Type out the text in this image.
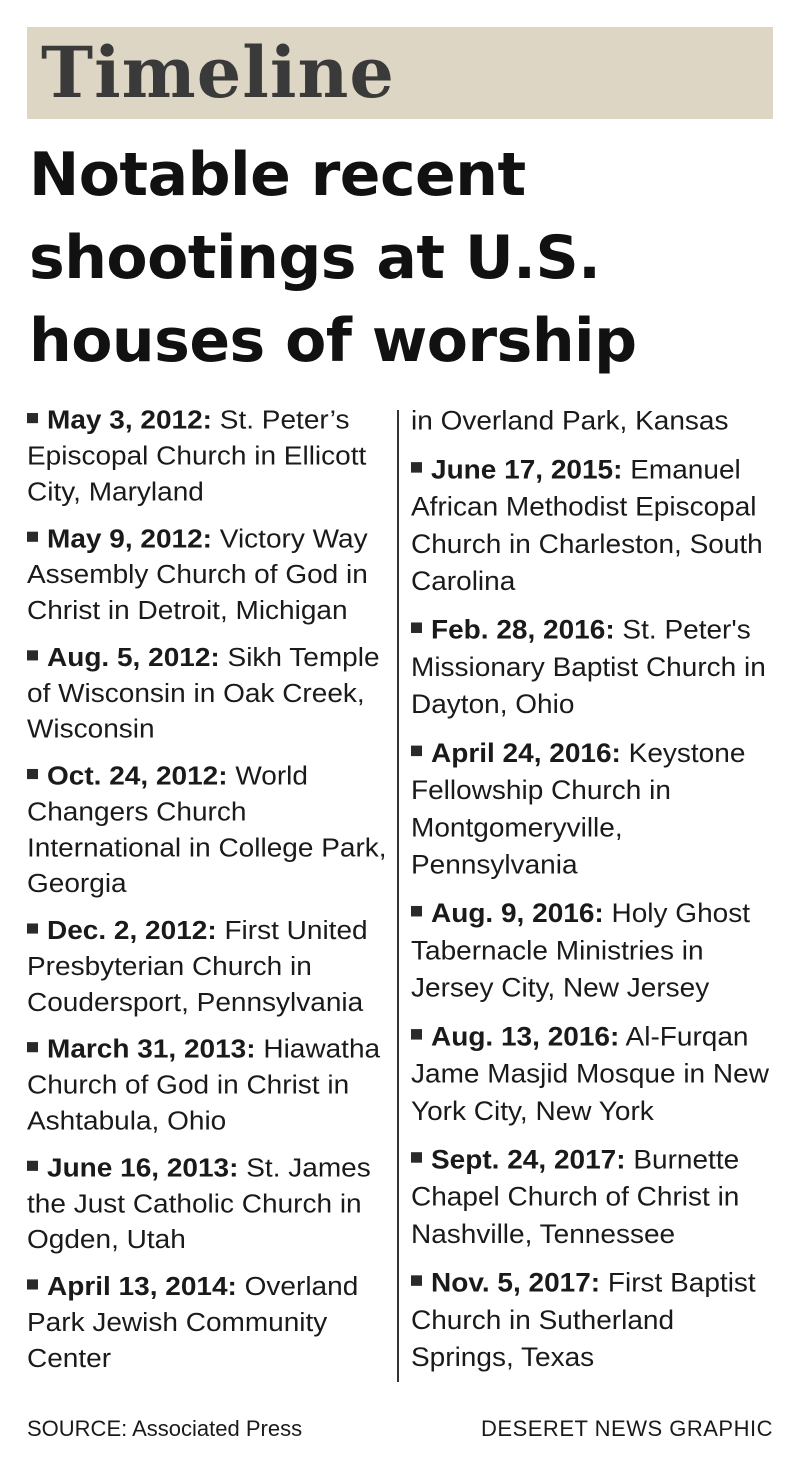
Timeline
Notable recent
shootings at U.S.
houses of worship
May 3, 2012: St. Peter’s Episcopal Church in Ellicott City, Maryland
May 9, 2012: Victory Way Assembly Church of God in Christ in Detroit, Michigan
Aug. 5, 2012: Sikh Temple of Wisconsin in Oak Creek, Wisconsin
Oct. 24, 2012: World Changers Church International in College Park, Georgia
Dec. 2, 2012: First United Presbyterian Church in Coudersport, Pennsylvania
March 31, 2013: Hiawatha Church of God in Christ in Ashtabula, Ohio
June 16, 2013: St. James the Just Catholic Church in Ogden, Utah
April 13, 2014: Overland Park Jewish Community Center
in Overland Park, Kansas
June 17, 2015: Emanuel African Methodist Episcopal Church in Charleston, South Carolina
Feb. 28, 2016: St. Peter's Missionary Baptist Church in Dayton, Ohio
April 24, 2016: Keystone Fellowship Church in Montgomeryville, Pennsylvania
Aug. 9, 2016: Holy Ghost Tabernacle Ministries in Jersey City, New Jersey
Aug. 13, 2016: Al-Furqan Jame Masjid Mosque in New York City, New York
Sept. 24, 2017: Burnette Chapel Church of Christ in Nashville, Tennessee
Nov. 5, 2017: First Baptist Church in Sutherland Springs, Texas
SOURCE: Associated Press	DESERET NEWS GRAPHIC
